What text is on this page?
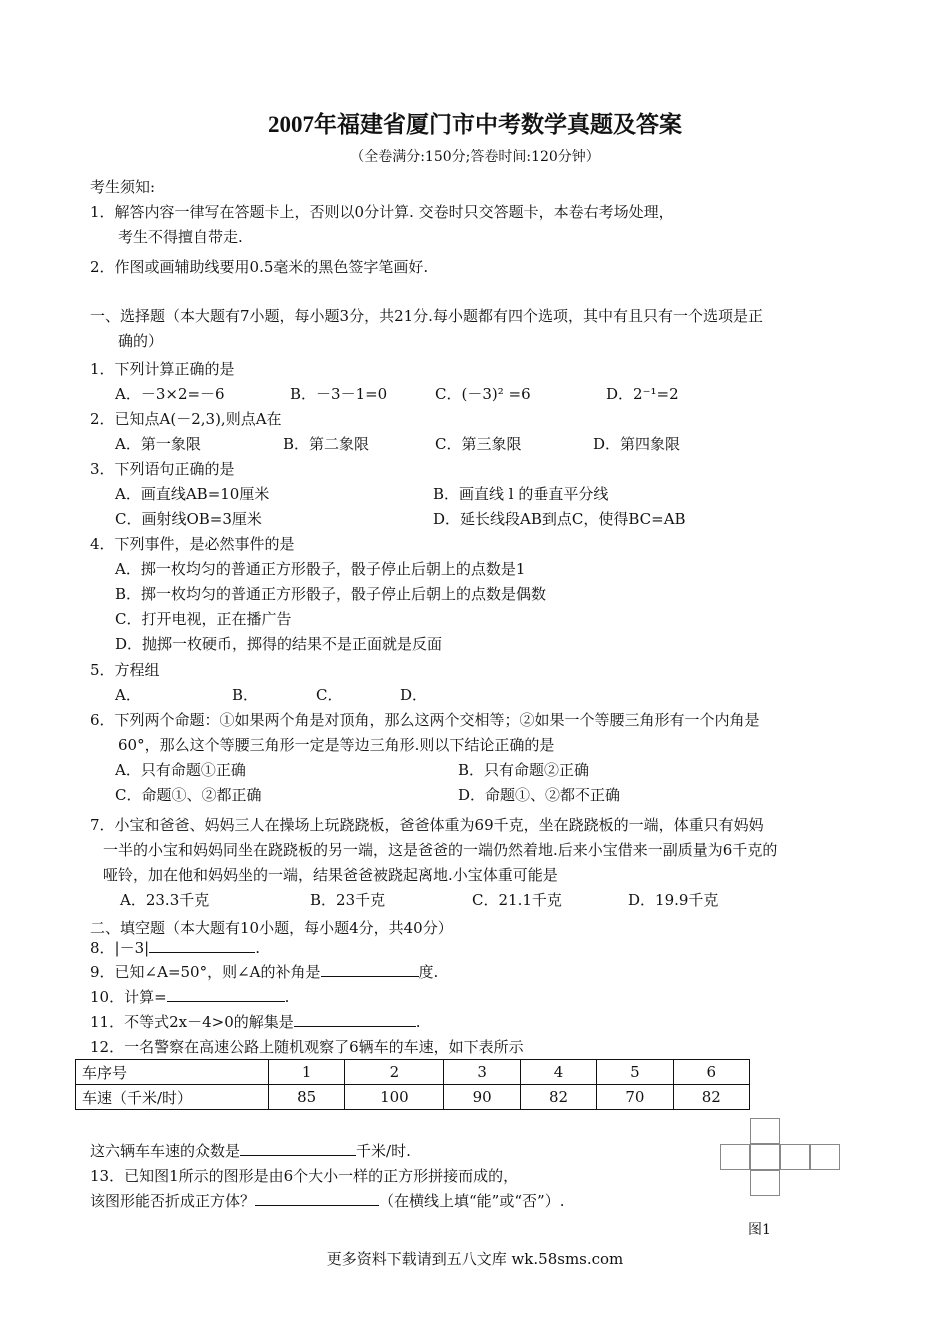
2007年福建省厦门市中考数学真题及答案
（全卷满分:150分;答卷时间:120分钟）
考生须知:
1．解答内容一律写在答题卡上，否则以0分计算. 交卷时只交答题卡，本卷右考场处理，
考生不得擅自带走.
2．作图或画辅助线要用0.5毫米的黑色签字笔画好.
一、选择题（本大题有7小题，每小题3分，共21分.每小题都有四个选项，其中有且只有一个选项是正
确的）
1．下列计算正确的是
A．－3×2=－6	B．－3－1=0	C．(－3)² =6	D．2⁻¹=2
2．已知点A(－2,3),则点A在
A．第一象限	B．第二象限	C．第三象限	D．第四象限
3．下列语句正确的是
A．画直线AB=10厘米	B．画直线 l 的垂直平分线
C．画射线OB=3厘米	D．延长线段AB到点C，使得BC=AB
4．下列事件，是必然事件的是
A．掷一枚均匀的普通正方形骰子，骰子停止后朝上的点数是1
B．掷一枚均匀的普通正方形骰子，骰子停止后朝上的点数是偶数
C．打开电视，正在播广告
D．抛掷一枚硬币，掷得的结果不是正面就是反面
5．方程组
A．	B．	C．	D．
6．下列两个命题：①如果两个角是对顶角，那么这两个交相等；②如果一个等腰三角形有一个内角是
60°，那么这个等腰三角形一定是等边三角形.则以下结论正确的是
A．只有命题①正确	B．只有命题②正确
C．命题①、②都正确	D．命题①、②都不正确
7．小宝和爸爸、妈妈三人在操场上玩跷跷板，爸爸体重为69千克，坐在跷跷板的一端，体重只有妈妈
一半的小宝和妈妈同坐在跷跷板的另一端，这是爸爸的一端仍然着地.后来小宝借来一副质量为6千克的
哑铃，加在他和妈妈坐的一端，结果爸爸被跷起离地.小宝体重可能是
A．23.3千克	B．23千克	C．21.1千克	D．19.9千克
二、填空题（本大题有10小题，每小题4分，共40分）
8．|－3|	.
9．已知∠A=50°，则∠A的补角是	度.
10．计算=	.
11．不等式2x－4>0的解集是	.
12．一名警察在高速公路上随机观察了6辆车的车速，如下表所示
车序号	1	2	3	4	5	6
车速（千米/时）	85	100	90	82	70	82
这六辆车车速的众数是	千米/时.
13．已知图1所示的图形是由6个大小一样的正方形拼接而成的，
该图形能否折成正方体？	（在横线上填“能”或“否”）.
图1
更多资料下载请到五八文库 wk.58sms.com
